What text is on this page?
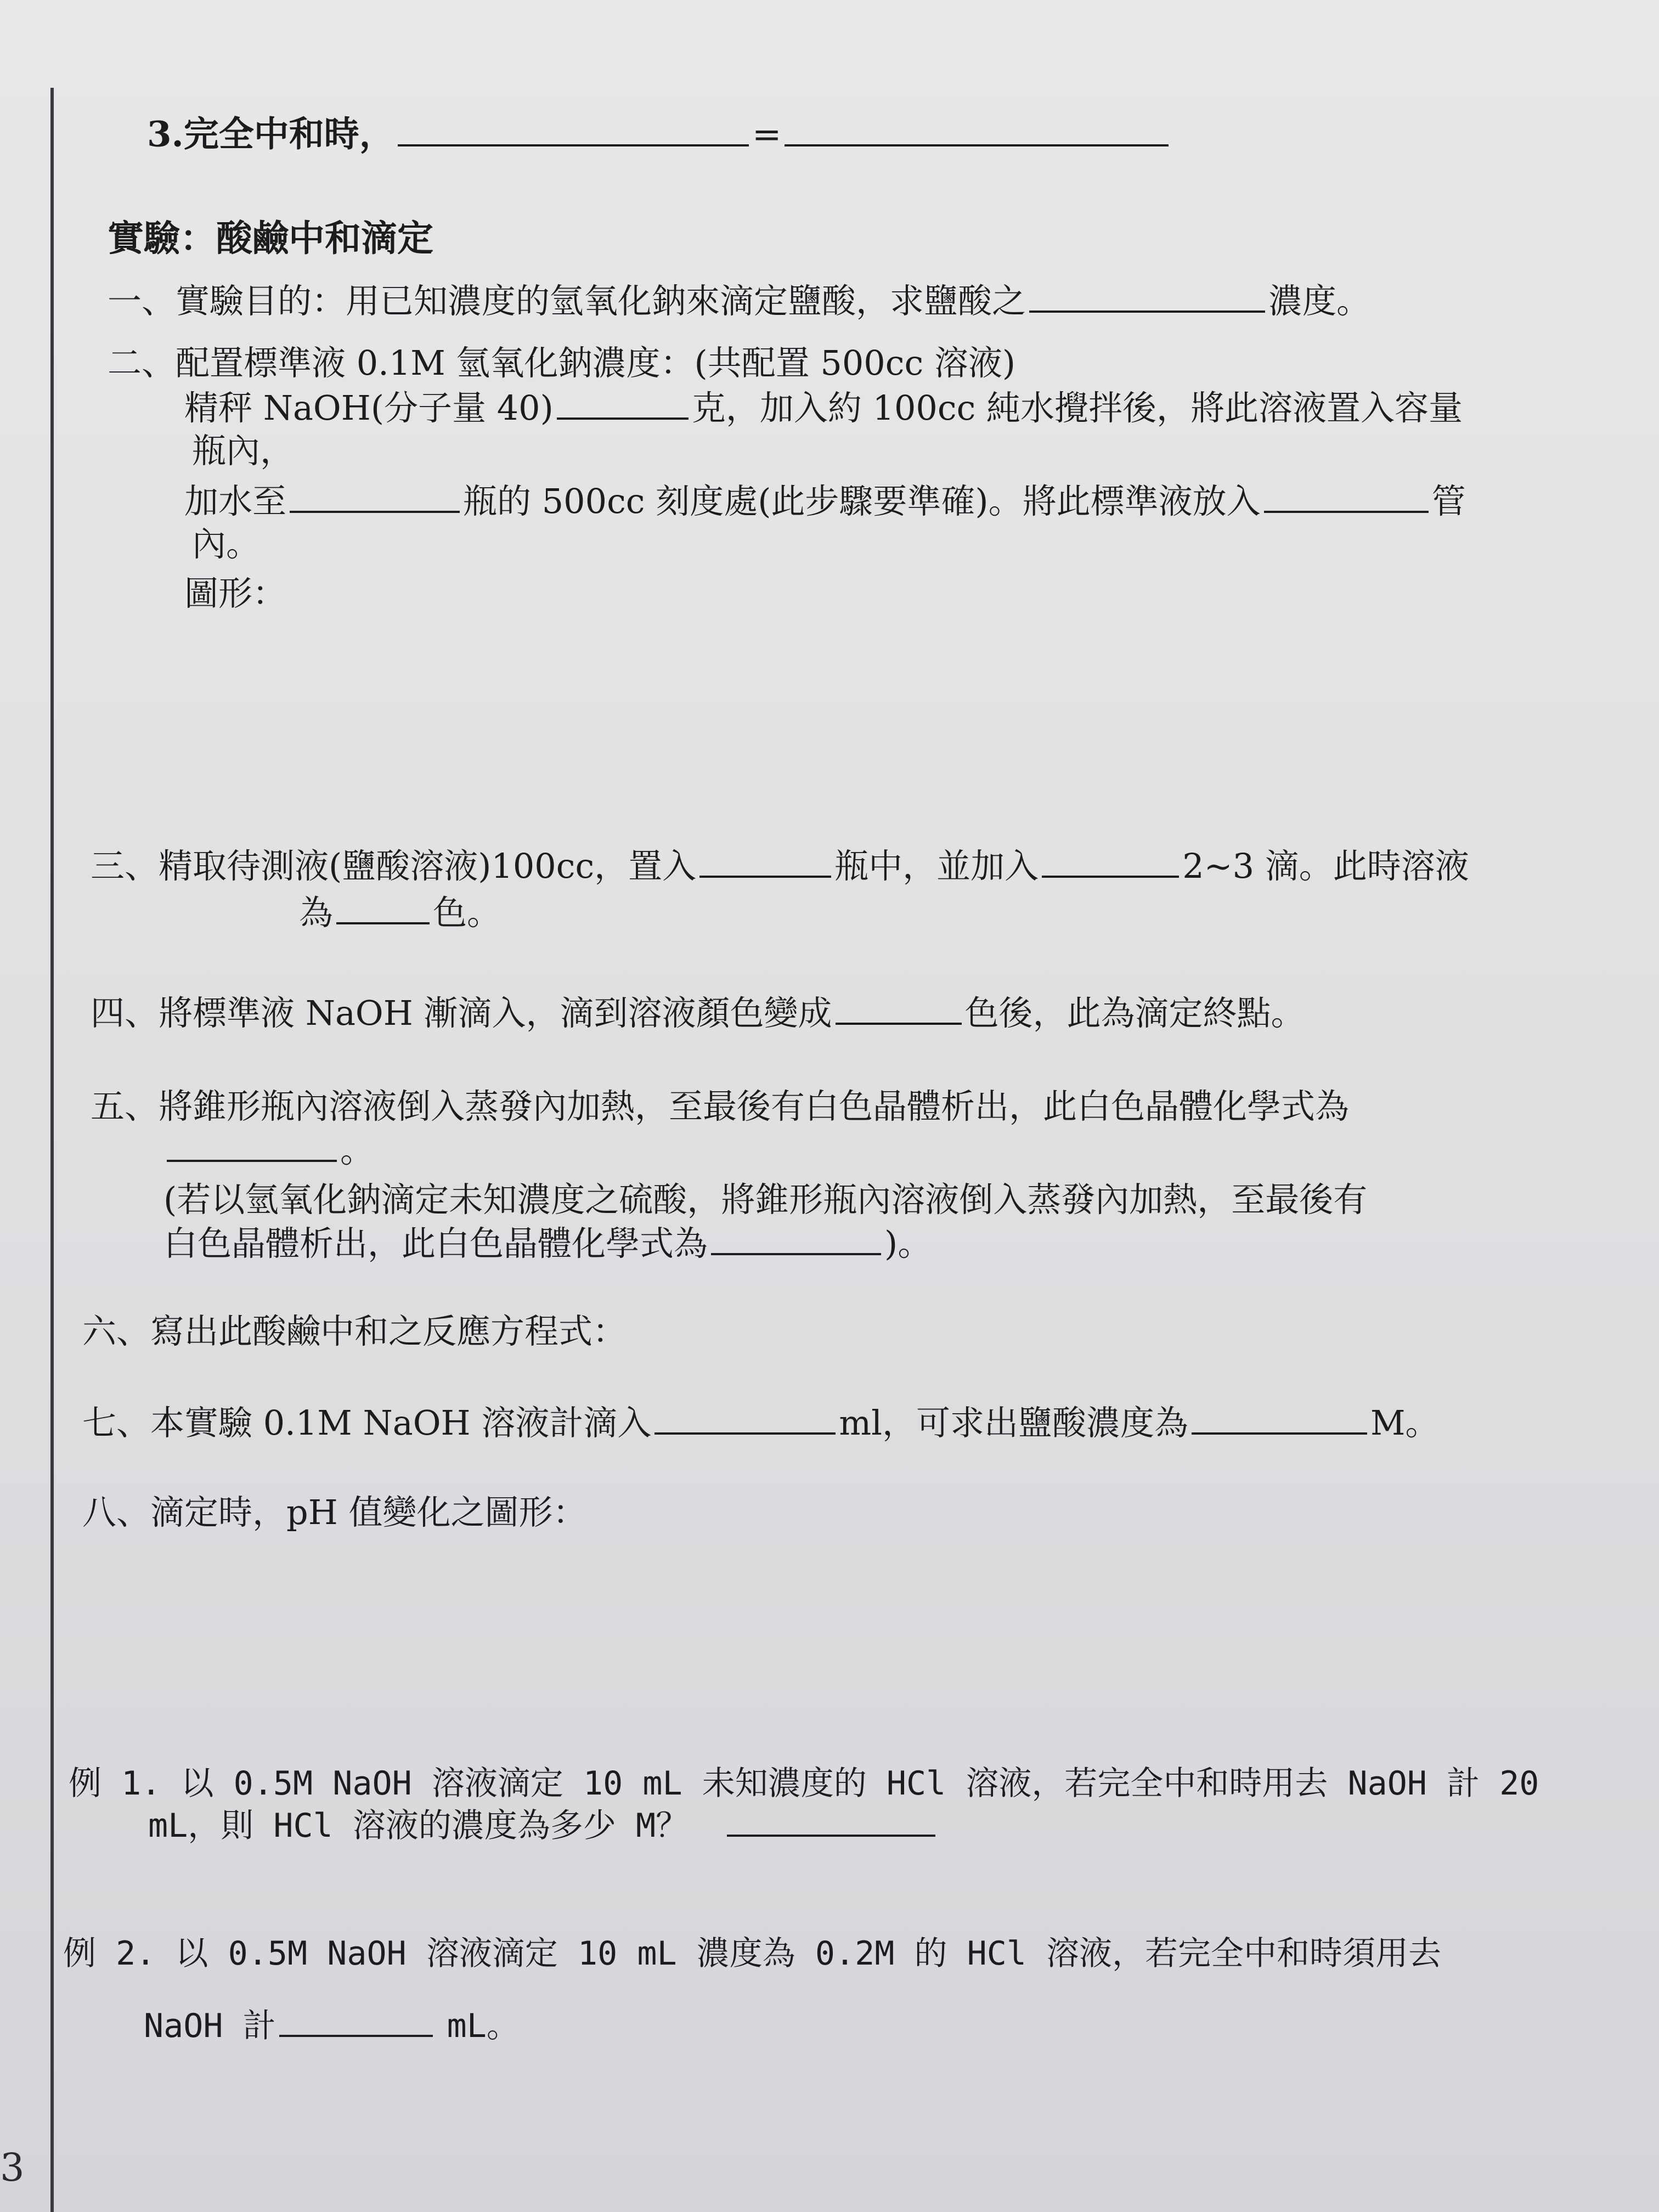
3.完全中和時，	=
實驗：酸鹼中和滴定
一、實驗目的：用已知濃度的氫氧化鈉來滴定鹽酸，求鹽酸之	濃度。
二、配置標準液 0.1M 氫氧化鈉濃度：(共配置 500cc 溶液)
精秤 NaOH(分子量 40)	克，加入約 100cc 純水攪拌後，將此溶液置入容量
瓶內，
加水至	瓶的 500cc 刻度處(此步驟要準確)。將此標準液放入	管
內。
圖形：
三、精取待測液(鹽酸溶液)100cc，置入	瓶中，並加入	2~3 滴。此時溶液
為	色。
四、將標準液 NaOH 漸滴入，滴到溶液顏色變成	色後，此為滴定終點。
五、將錐形瓶內溶液倒入蒸發內加熱，至最後有白色晶體析出，此白色晶體化學式為
。
(若以氫氧化鈉滴定未知濃度之硫酸，將錐形瓶內溶液倒入蒸發內加熱，至最後有
白色晶體析出，此白色晶體化學式為	)。
六、寫出此酸鹼中和之反應方程式：
七、本實驗 0.1M NaOH 溶液計滴入	ml，可求出鹽酸濃度為	M。
八、滴定時，pH 值變化之圖形：
例 1. 以 0.5M NaOH 溶液滴定 10 mL 未知濃度的 HCl 溶液，若完全中和時用去 NaOH 計 20
mL，則 HCl 溶液的濃度為多少 M？
例 2. 以 0.5M NaOH 溶液滴定 10 mL 濃度為 0.2M 的 HCl 溶液，若完全中和時須用去
NaOH 計	mL。
3
